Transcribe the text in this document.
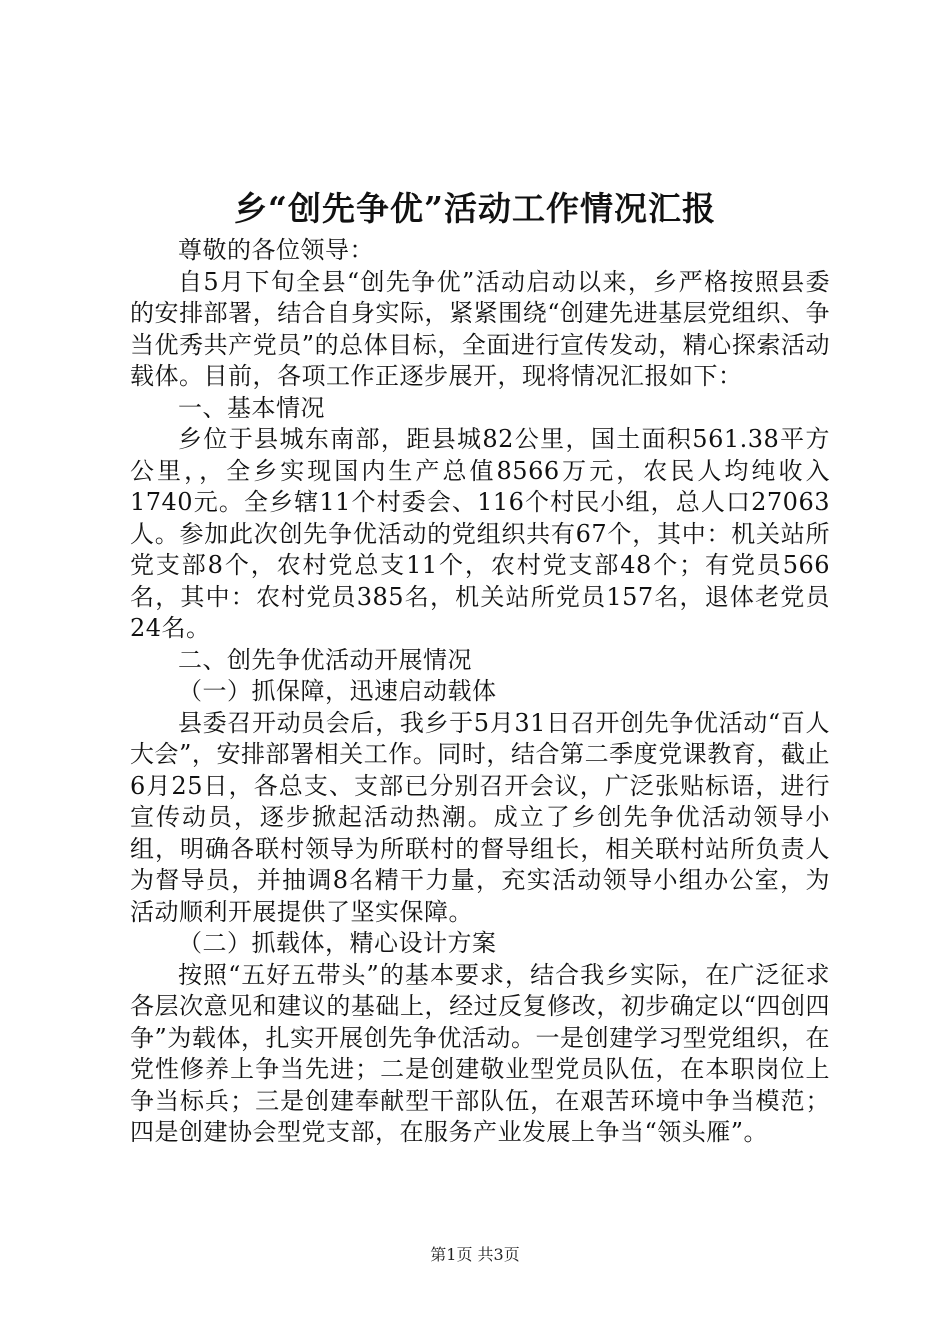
乡“创先争优”活动工作情况汇报

尊敬的各位领导：

自5月下旬全县“创先争优”活动启动以来，乡严格按照县委的安排部署，结合自身实际，紧紧围绕“创建先进基层党组织、争当优秀共产党员”的总体目标，全面进行宣传发动，精心探索活动载体。目前，各项工作正逐步展开，现将情况汇报如下：

一、基本情况

乡位于县城东南部，距县城82公里，国土面积561.38平方公里，，全乡实现国内生产总值8566万元，农民人均纯收入1740元。全乡辖11个村委会、116个村民小组，总人口27063人。参加此次创先争优活动的党组织共有67个，其中：机关站所党支部8个，农村党总支11个，农村党支部48个；有党员566名，其中：农村党员385名，机关站所党员157名，退体老党员24名。

二、创先争优活动开展情况

（一）抓保障，迅速启动载体

县委召开动员会后，我乡于5月31日召开创先争优活动“百人大会”，安排部署相关工作。同时，结合第二季度党课教育，截止6月25日，各总支、支部已分别召开会议，广泛张贴标语，进行宣传动员，逐步掀起活动热潮。成立了乡创先争优活动领导小组，明确各联村领导为所联村的督导组长，相关联村站所负责人为督导员，并抽调8名精干力量，充实活动领导小组办公室，为活动顺利开展提供了坚实保障。

（二）抓载体，精心设计方案

按照“五好五带头”的基本要求，结合我乡实际，在广泛征求各层次意见和建议的基础上，经过反复修改，初步确定以“四创四争”为载体，扎实开展创先争优活动。一是创建学习型党组织，在党性修养上争当先进；二是创建敬业型党员队伍，在本职岗位上争当标兵；三是创建奉献型干部队伍，在艰苦环境中争当模范；四是创建协会型党支部，在服务产业发展上争当“领头雁”。

第1页 共3页
